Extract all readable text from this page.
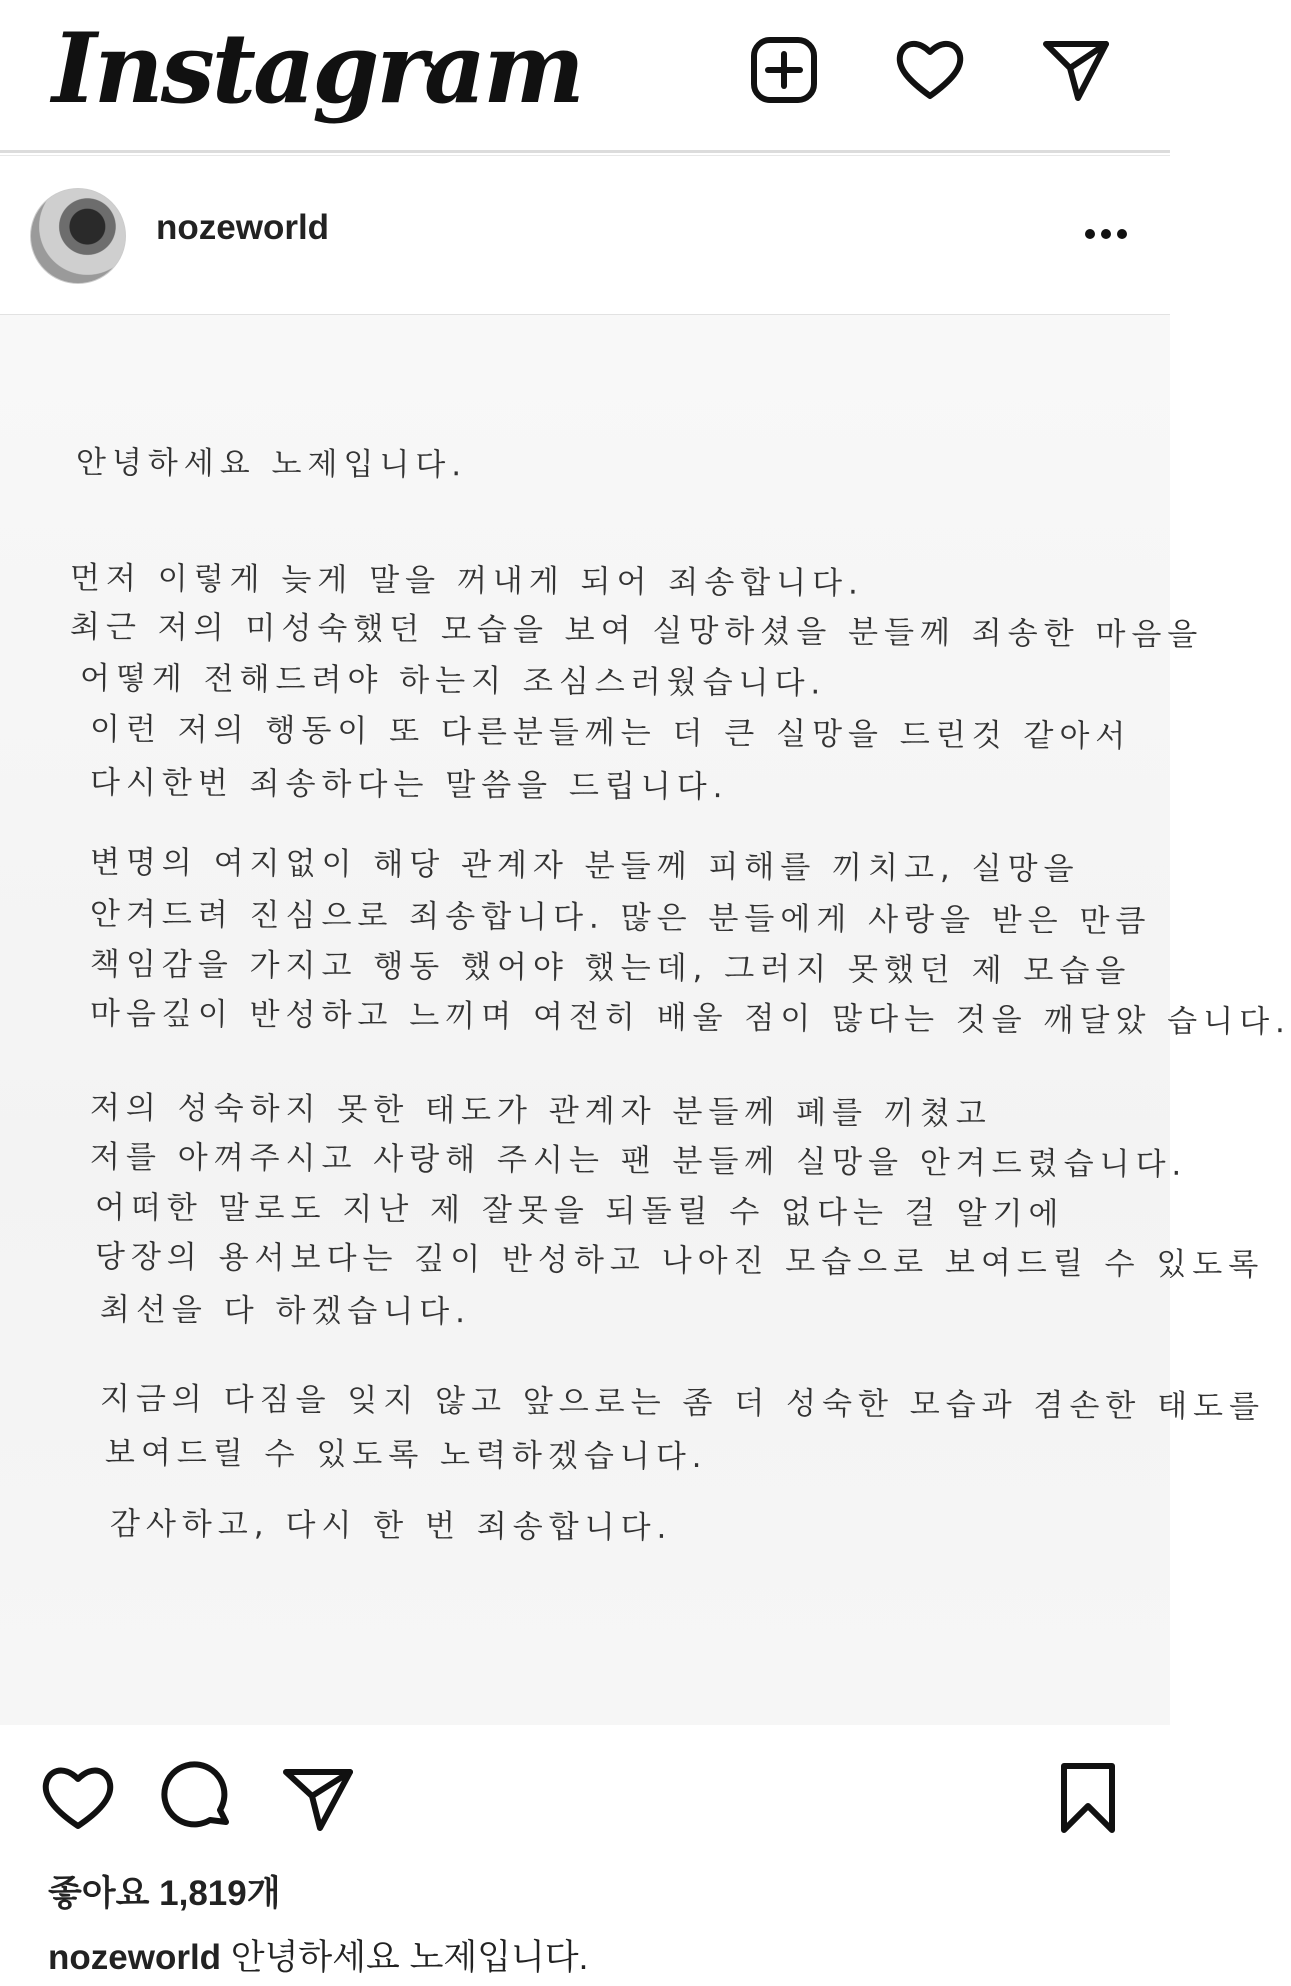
Instagram
nozeworld
안녕하세요 노제입니다.
먼저 이렇게 늦게 말을 꺼내게 되어 죄송합니다.
최근 저의 미성숙했던 모습을 보여 실망하셨을 분들께 죄송한 마음을
어떻게 전해드려야 하는지 조심스러웠습니다.
이런 저의 행동이 또 다른분들께는 더 큰 실망을 드린것 같아서
다시한번 죄송하다는 말씀을 드립니다.
변명의 여지없이 해당 관계자 분들께 피해를 끼치고, 실망을
안겨드려 진심으로 죄송합니다. 많은 분들에게 사랑을 받은 만큼
책임감을 가지고 행동 했어야 했는데, 그러지 못했던 제 모습을
마음깊이 반성하고 느끼며 여전히 배울 점이 많다는 것을 깨달았 습니다.
저의 성숙하지 못한 태도가 관계자 분들께 폐를 끼쳤고
저를 아껴주시고 사랑해 주시는 팬 분들께 실망을 안겨드렸습니다.
어떠한 말로도 지난 제 잘못을 되돌릴 수 없다는 걸 알기에
당장의 용서보다는 깊이 반성하고 나아진 모습으로 보여드릴 수 있도록
최선을 다 하겠습니다.
지금의 다짐을 잊지 않고 앞으로는 좀 더 성숙한 모습과 겸손한 태도를
보여드릴 수 있도록 노력하겠습니다.
감사하고, 다시 한 번 죄송합니다.
좋아요 1,819개
nozeworld 안녕하세요 노제입니다.
